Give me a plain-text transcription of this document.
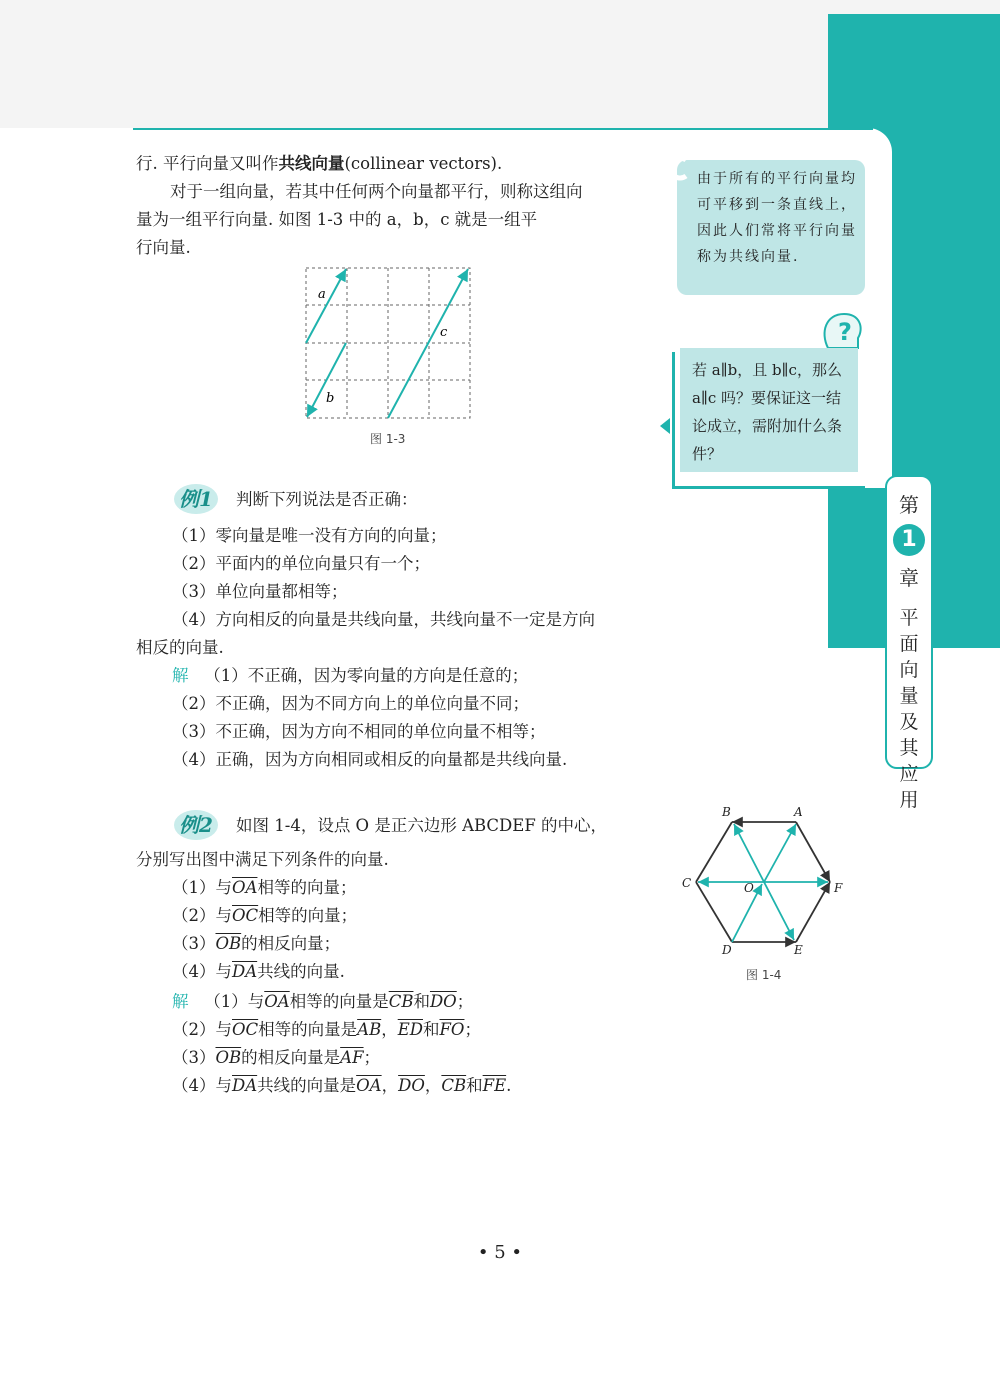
第
1
章
平面向量及其应用
行. 平行向量又叫作共线向量(collinear vectors).
对于一组向量，若其中任何两个向量都平行，则称这组向
量为一组平行向量. 如图 1-3 中的 a，b，c 就是一组平
行向量.
a
b
c
图 1-3
由于所有的平行向量均可平移到一条直线上，因此人们常将平行向量称为共线向量.
?
若 a∥b，且 b∥c，那么 a∥c 吗？要保证这一结论成立，需附加什么条件？
例1	判断下列说法是否正确：
（1）零向量是唯一没有方向的向量；
（2）平面内的单位向量只有一个；
（3）单位向量都相等；
（4）方向相反的向量是共线向量，共线向量不一定是方向
相反的向量.
解 （1）不正确，因为零向量的方向是任意的；
（2）不正确，因为不同方向上的单位向量不同；
（3）不正确，因为方向不相同的单位向量不相等；
（4）正确，因为方向相同或相反的向量都是共线向量.
例2	如图 1-4，设点 O 是正六边形 ABCDEF 的中心，
分别写出图中满足下列条件的向量.
（1）与$\overline{OA}$相等的向量；
（2）与$\overline{OC}$相等的向量；
$(3)\overline{OB}$的相反向量；
（4）与$\overline{DA}$共线的向量.
解 （1）与$\overline{OA}$相等的向量是$\overline{CB}$和$\overline{DO}$；
（2）与$\overline{OC}$相等的向量是$\overline{AB}$，$\overline{ED}$和$\overline{FO}$；
$(3)\overline{OB}$的相反向量是$\overline{AF}$；
（4）与$\overline{DA}$共线的向量是$\overline{OA}$，$\overline{DO}$，$\overline{CB}$和$\overline{FE}$.
A
B
C
D	E
F
O
图 1-4
• 5 •
